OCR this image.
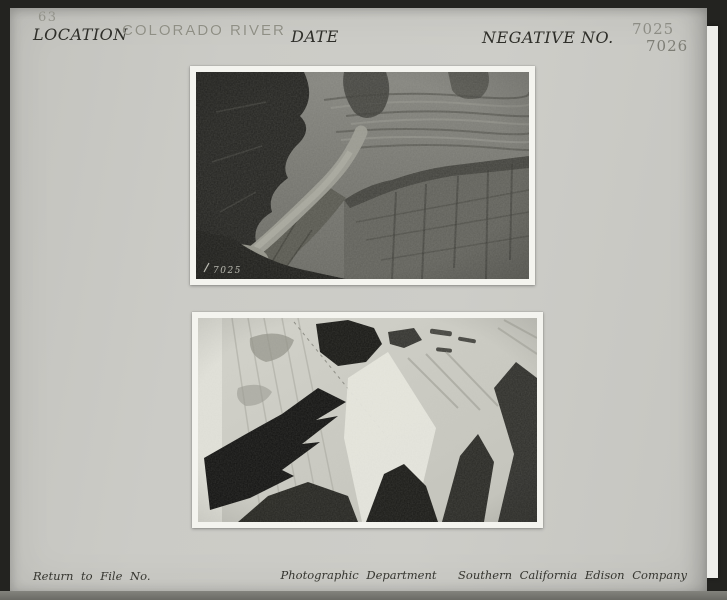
63
LOCATION
COLORADO RIVER DATE	NEGATIVE NO. 7025
7026
Return to File No.	Photographic Department	Southern California Edison Company
